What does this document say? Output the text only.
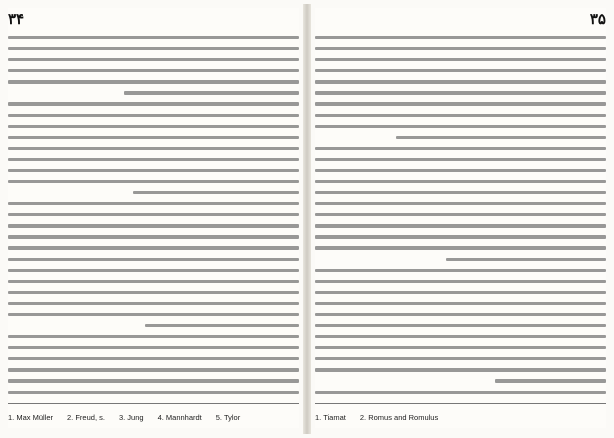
۳۴
1. Max Müller 2. Freud, s. 3. Jung 4. Mannhardt 5. Tylor
۳۵
1. Tiamat 2. Romus and Romulus
